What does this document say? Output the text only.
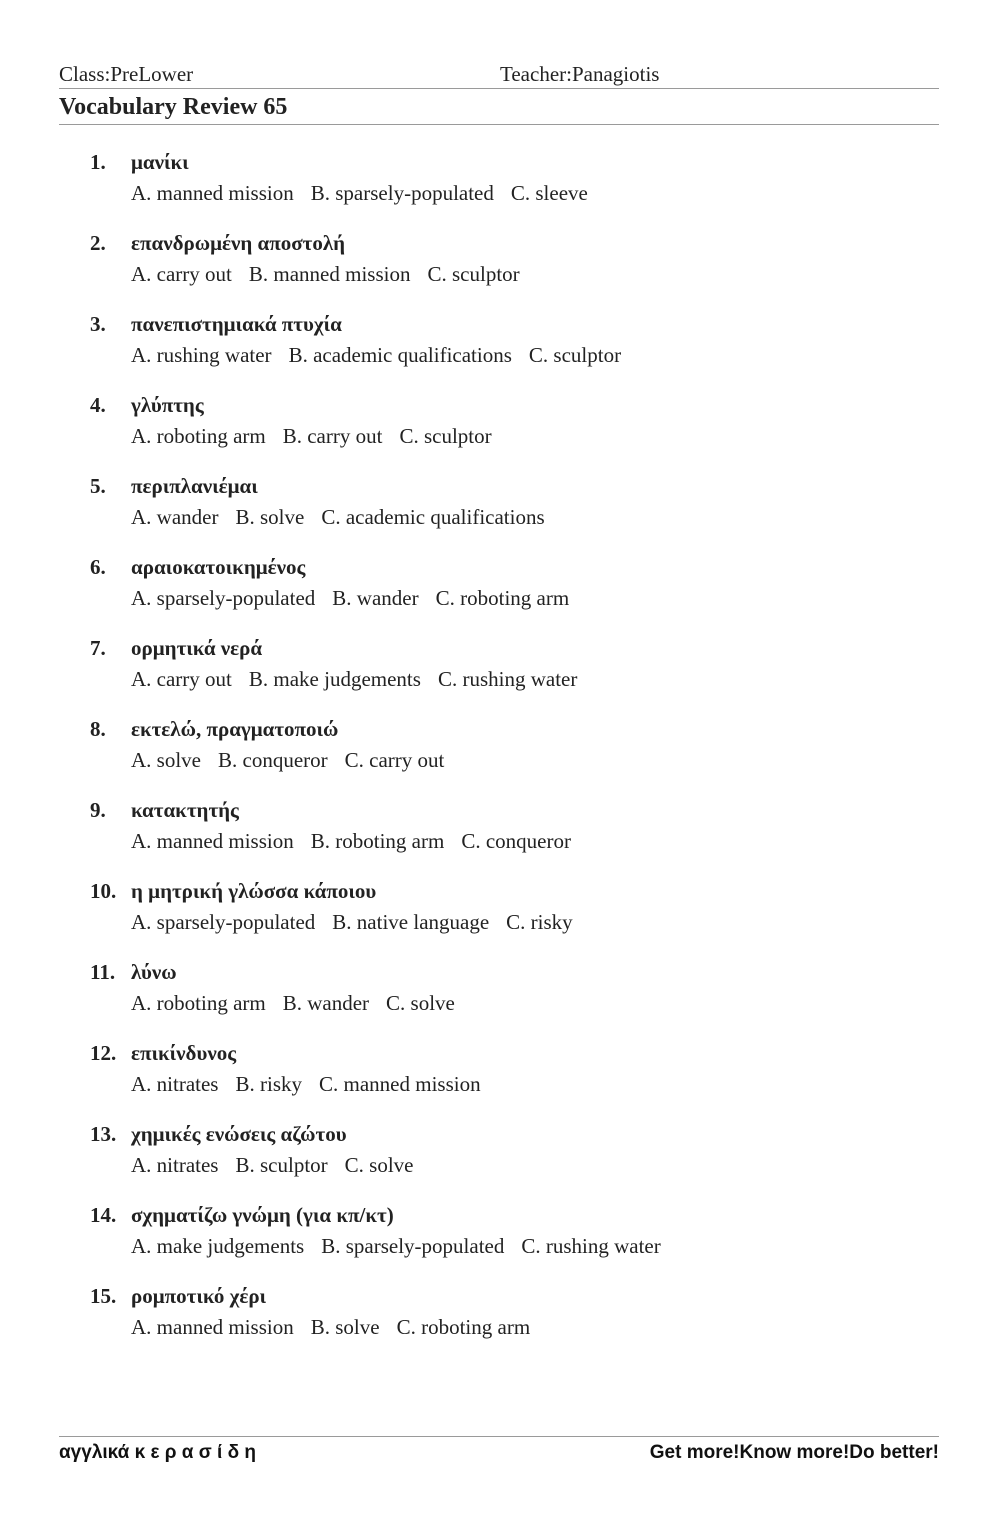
Class:PreLower	Teacher:Panagiotis
Vocabulary Review 65
1.	μανίκι
A. manned mission B. sparsely-populated C. sleeve
2.	επανδρωμένη αποστολή
A. carry out B. manned mission C. sculptor
3.	πανεπιστημιακά πτυχία
A. rushing water B. academic qualifications C. sculptor
4.	γλύπτης
A. roboting arm B. carry out C. sculptor
5.	περιπλανιέμαι
A. wander B. solve C. academic qualifications
6.	αραιοκατοικημένος
A. sparsely-populated B. wander C. roboting arm
7.	ορμητικά νερά
A. carry out B. make judgements C. rushing water
8.	εκτελώ, πραγματοποιώ
A. solve B. conqueror C. carry out
9.	κατακτητής
A. manned mission B. roboting arm C. conqueror
10. η μητρική γλώσσα κάποιου
A. sparsely-populated B. native language C. risky
11. λύνω
A. roboting arm B. wander C. solve
12. επικίνδυνος
A. nitrates B. risky C. manned mission
13. χημικές ενώσεις αζώτου
A. nitrates B. sculptor C. solve
14. σχηματίζω γνώμη (για κπ/κτ)
A. make judgements B. sparsely-populated C. rushing water
15. ρομποτικό χέρι
A. manned mission B. solve C. roboting arm
αγγλικά κ ε ρ α σ ί δ η	Get more!Know more!Do better!
